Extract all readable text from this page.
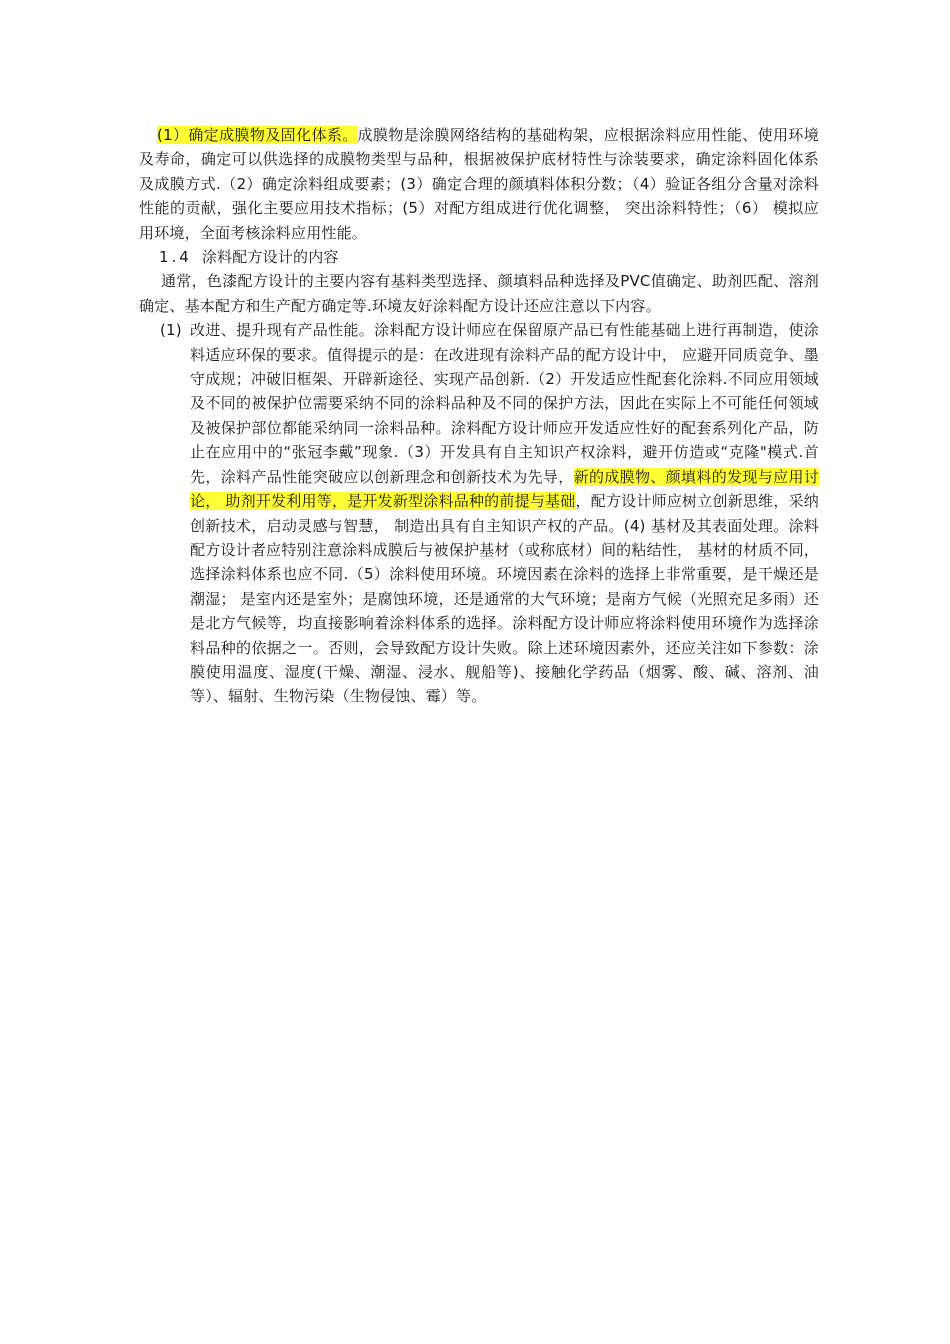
(1）确定成膜物及固化体系。成膜物是涂膜网络结构的基础构架，应根据涂料应用性能、使用环境及寿命，确定可以供选择的成膜物类型与品种，根据被保护底材特性与涂装要求，确定涂料固化体系及成膜方式.（2）确定涂料组成要素；(3）确定合理的颜填料体积分数；（4）验证各组分含量对涂料性能的贡献，强化主要应用技术指标；(5）对配方组成进行优化调整， 突出涂料特性；（6） 模拟应用环境，全面考核涂料应用性能。

1.4 涂料配方设计的内容

通常，色漆配方设计的主要内容有基料类型选择、颜填料品种选择及PVC值确定、助剂匹配、溶剂确定、基本配方和生产配方确定等.环境友好涂料配方设计还应注意以下内容。

(1) 改进、提升现有产品性能。涂料配方设计师应在保留原产品已有性能基础上进行再制造，使涂料适应环保的要求。值得提示的是：在改进现有涂料产品的配方设计中， 应避开同质竞争、墨守成规；冲破旧框架、开辟新途径、实现产品创新.（2）开发适应性配套化涂料.不同应用领域及不同的被保护位需要采纳不同的涂料品种及不同的保护方法，因此在实际上不可能任何领域及被保护部位都能采纳同一涂料品种。涂料配方设计师应开发适应性好的配套系列化产品，防止在应用中的“张冠李戴”现象.（3）开发具有自主知识产权涂料，避开仿造或“克隆"模式.首先，涂料产品性能突破应以创新理念和创新技术为先导，新的成膜物、颜填料的发现与应用讨论， 助剂开发利用等，是开发新型涂料品种的前提与基础，配方设计师应树立创新思维，采纳创新技术，启动灵感与智慧， 制造出具有自主知识产权的产品。(4) 基材及其表面处理。涂料配方设计者应特别注意涂料成膜后与被保护基材（或称底材）间的粘结性， 基材的材质不同， 选择涂料体系也应不同.（5）涂料使用环境。环境因素在涂料的选择上非常重要，是干燥还是潮湿； 是室内还是室外；是腐蚀环境，还是通常的大气环境；是南方气候（光照充足多雨）还是北方气候等，均直接影响着涂料体系的选择。涂料配方设计师应将涂料使用环境作为选择涂料品种的依据之一。否则，会导致配方设计失败。除上述环境因素外，还应关注如下参数：涂膜使用温度、湿度(干燥、潮湿、浸水、舰船等)、接触化学药品（烟雾、酸、碱、溶剂、油等）、辐射、生物污染（生物侵蚀、霉）等。
